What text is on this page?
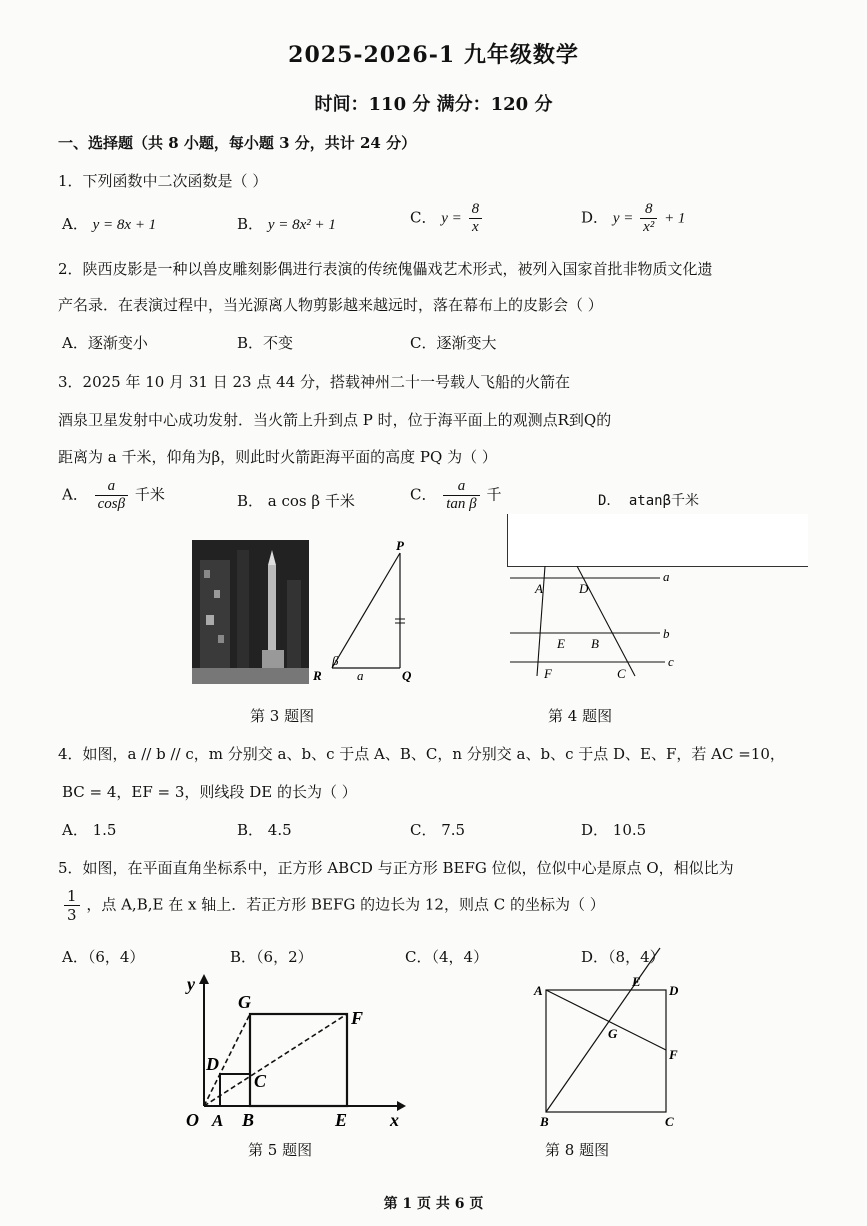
2025-2026-1 九年级数学
时间：110 分 满分：120 分
一、选择题（共 8 小题，每小题 3 分，共计 24 分）
1．下列函数中二次函数是（ ）
A． y = 8x + 1	B． y = 8x² + 1	C． $y = \frac{8}{x}$	D． $y = \frac{8}{\text{x²}} + 1$
2．陕西皮影是一种以兽皮雕刻影偶进行表演的传统傀儡戏艺术形式，被列入国家首批非物质文化遗
产名录．在表演过程中，当光源离人物剪影越来越远时，落在幕布上的皮影会（ ）
A．逐渐变小	B．不变	C．逐渐变大
3．2025 年 10 月 31 日 23 点 44 分，搭载神州二十一号载人飞船的火箭在
酒泉卫星发射中心成功发射．当火箭上升到点 P 时，位于海平面上的观测点R到Q的
距离为 a 千米，仰角为β，则此时火箭距海平面的高度 PQ 为（ ）
A． $\frac{a}{\cos\beta}$ 千米	B． a cos β 千米	C． $\frac{a}{\text{tan β}}$ 千	D． atanβ千米
P
Q
R
β
a
第 3 题图
A	D
E B
F	C
a
b
c
第 4 题图
4．如图，a // b // c，m 分别交 a、b、c 于点 A、B、C，n 分别交 a、b、c 于点 D、E、F，若 AC =10，
BC = 4，EF = 3，则线段 DE 的长为（ ）
A． 1.5	B． 4.5	C． 7.5	D． 10.5
5．如图，在平面直角坐标系中，正方形 ABCD 与正方形 BEFG 位似，位似中心是原点 O，相似比为
$\frac{1}{3}$ ，点 A,B,E 在 x 轴上．若正方形 BEFG 的边长为 12，则点 C 的坐标为（ ）
A．（6，4）	B．（6，2）	C．（4，4）	D．（8，4）
y
x
O A B
C
D
E
F
G
第 5 题图
A
B	C
D
E
F
G
第 8 题图
第 1 页 共 6 页
